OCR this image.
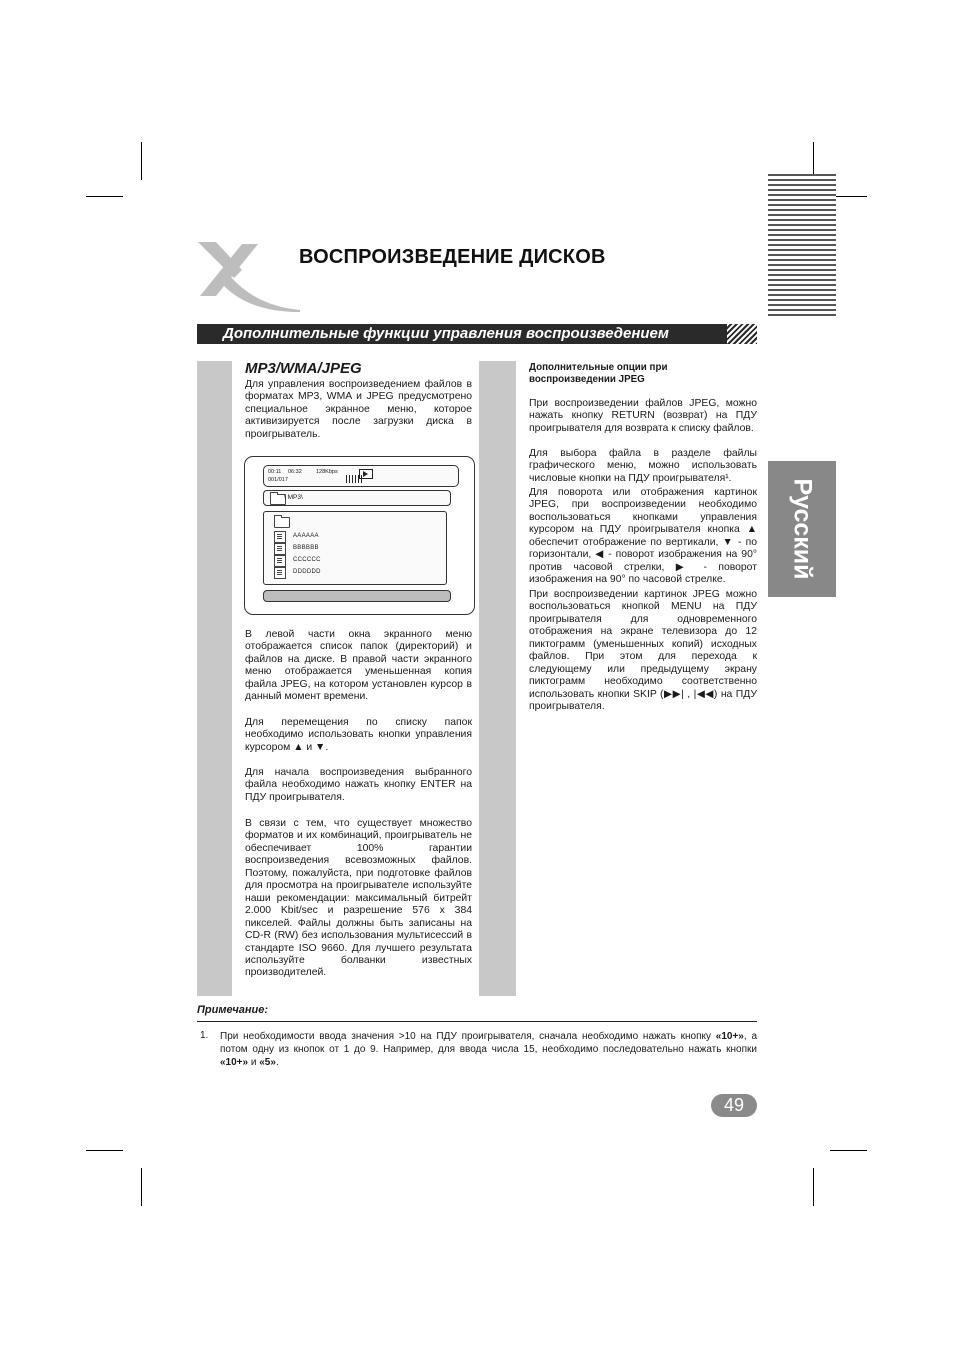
ВОСПРОИЗВЕДЕНИЕ ДИСКОВ
Дополнительные функции управления воспроизведением
Русский
MP3/WMA/JPEG
Для управления воспроизведением файлов в форматах MP3, WMA и JPEG предусмотрено специальное экранное меню, которое активизируется после загрузки диска в проигрыватель.
00:11 06:32	128Kbps
001/017
\ MP3\
AAAAAA
BBBBBB
CCCCCC
DDDDDD
В левой части окна экранного меню отображается список папок (директорий) и файлов на диске. В правой части экранного меню отображается уменьшенная копия файла JPEG, на котором установлен курсор в данный момент времени.
Для перемещения по списку папок необходимо использовать кнопки управления курсором ▲ и ▼.
Для начала воспроизведения выбранного файла необходимо нажать кнопку ENTER на ПДУ проигрывателя.
В связи с тем, что существует множество форматов и их комбинаций, проигрыватель не обеспечивает 100% гарантии воспроизведения всевозможных файлов. Поэтому, пожалуйста, при подготовке файлов для просмотра на проигрывателе используйте наши рекомендации: максимальный битрейт 2.000 Kbit/sec и разрешение 576 x 384 пикселей. Файлы должны быть записаны на CD-R (RW) без использования мультисессий в стандарте ISO 9660. Для лучшего результата используйте болванки известных производителей.
Дополнительные опции при воспроизведении JPEG
При воспроизведении файлов JPEG, можно нажать кнопку RETURN (возврат) на ПДУ проигрывателя для возврата к списку файлов.
Для выбора файла в разделе файлы графического меню, можно использовать числовые кнопки на ПДУ проигрывателя¹.
Для поворота или отображения картинок JPEG, при воспроизведении необходимо воспользоваться кнопками управления курсором на ПДУ проигрывателя кнопка ▲ обеспечит отображение по вертикали, ▼ - по горизонтали, ◀ - поворот изображения на 90° против часовой стрелки, ▶ - поворот изображения на 90° по часовой стрелке.
При воспроизведении картинок JPEG можно воспользоваться кнопкой MENU на ПДУ проигрывателя для одновременного отображения на экране телевизора до 12 пиктограмм (уменьшенных копий) исходных файлов. При этом для перехода к следующему или предыдущему экрану пиктограмм необходимо соответственно использовать кнопки SKIP (▶▶| , |◀◀) на ПДУ проигрывателя.
Примечание:
1. При необходимости ввода значения >10 на ПДУ проигрывателя, сначала необходимо нажать кнопку «10+», а потом одну из кнопок от 1 до 9. Например, для ввода числа 15, необходимо последовательно нажать кнопки «10+» и «5».
49
